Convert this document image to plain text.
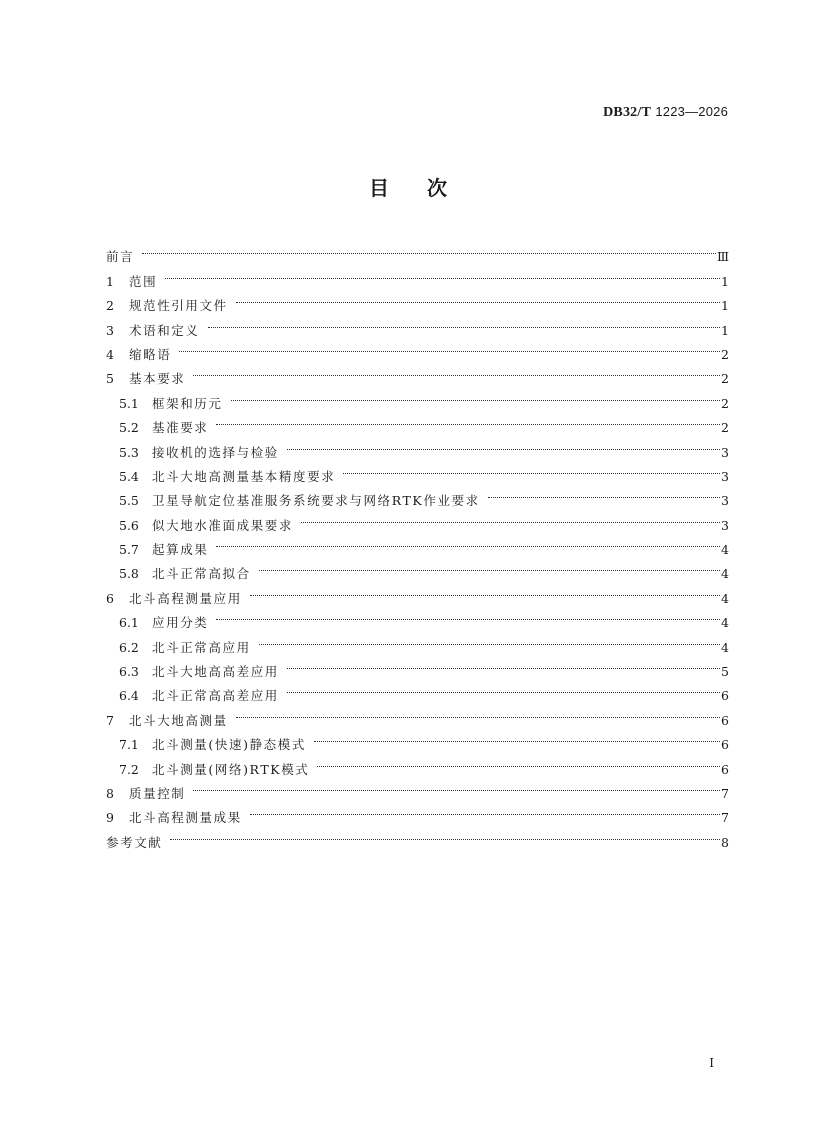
DB32/T 1223—2026
目次
前言	Ⅲ
1	范围	1
2	规范性引用文件	1
3	术语和定义	1
4	缩略语	2
5	基本要求	2
5.1	框架和历元	2
5.2	基准要求	2
5.3	接收机的选择与检验	3
5.4	北斗大地高测量基本精度要求	3
5.5	卫星导航定位基准服务系统要求与网络RTK作业要求	3
5.6	似大地水准面成果要求	3
5.7	起算成果	4
5.8	北斗正常高拟合	4
6	北斗高程测量应用	4
6.1	应用分类	4
6.2	北斗正常高应用	4
6.3	北斗大地高高差应用	5
6.4	北斗正常高高差应用	6
7	北斗大地高测量	6
7.1	北斗测量(快速)静态模式	6
7.2	北斗测量(网络)RTK模式	6
8	质量控制	7
9	北斗高程测量成果	7
参考文献	8
I
